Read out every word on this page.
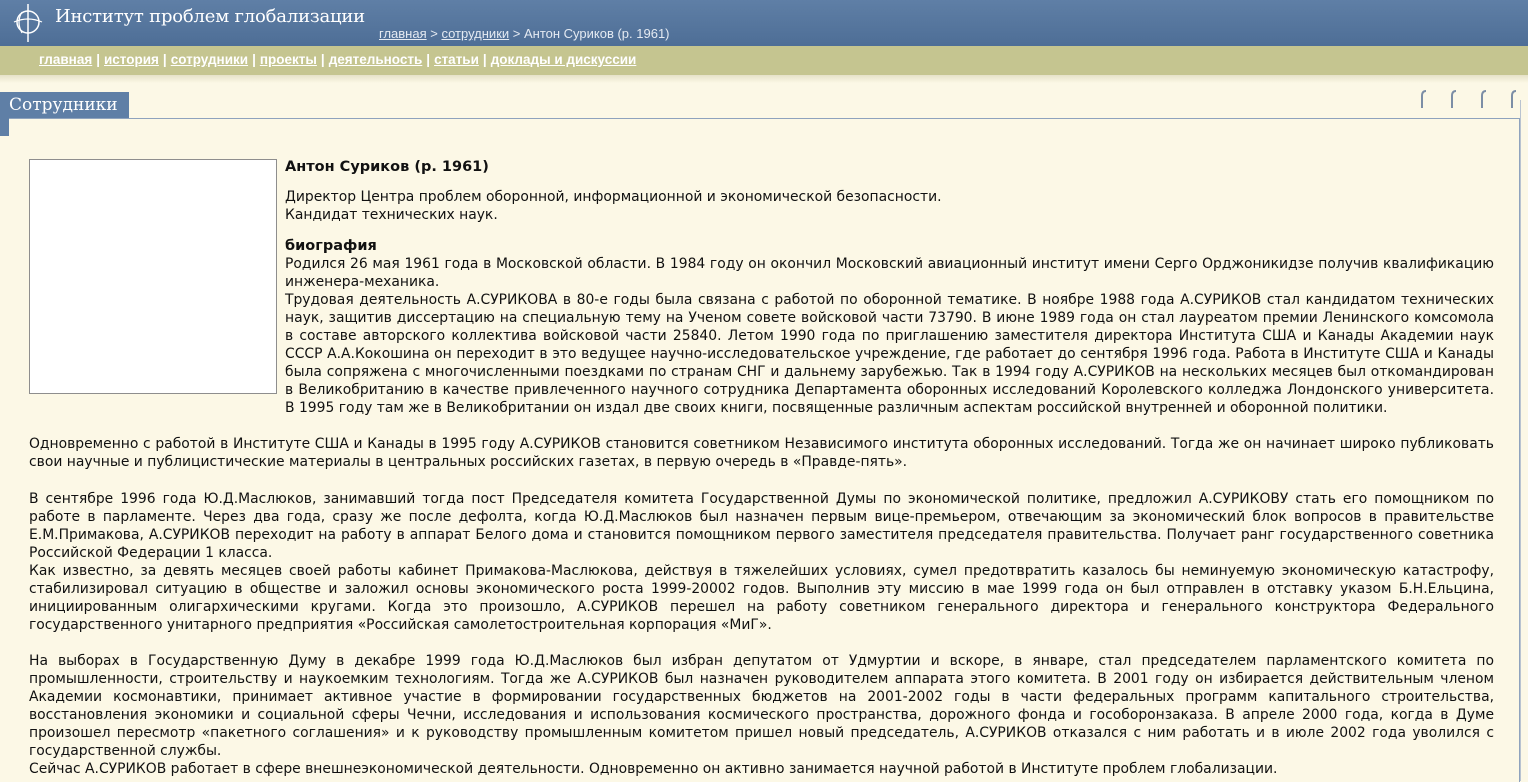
Институт проблем глобализации
главная > сотрудники > Антон Суриков (р. 1961)
главная | история | сотрудники | проекты | деятельность | статьи | доклады и дискуссии
Сотрудники
Антон Суриков (р. 1961)
Директор Центра проблем оборонной, информационной и экономической безопасности.
Кандидат технических наук.
биография

Родился 26 мая 1961 года в Московской области. В 1984 году он окончил Московский авиационный институт имени Серго Орджоникидзе получив квалификацию инженера-механика.

Трудовая деятельность А.СУРИКОВА в 80-е годы была связана с работой по оборонной тематике. В ноябре 1988 года А.СУРИКОВ стал кандидатом технических наук, защитив диссертацию на специальную тему на Ученом совете войсковой части 73790. В июне 1989 года он стал лауреатом премии Ленинского комсомола в составе авторского коллектива войсковой части 25840. Летом 1990 года по приглашению заместителя директора Института США и Канады Академии наук СССР А.А.Кокошина он переходит в это ведущее научно-исследовательское учреждение, где работает до сентября 1996 года. Работа в Институте США и Канады была сопряжена с многочисленными поездками по странам СНГ и дальнему зарубежью. Так в 1994 году А.СУРИКОВ на нескольких месяцев был откомандирован в Великобританию в качестве привлеченного научного сотрудника Департамента оборонных исследований Королевского колледжа Лондонского университета. В 1995 году там же в Великобритании он издал две своих книги, посвященные различным аспектам российской внутренней и оборонной политики.

Одновременно с работой в Институте США и Канады в 1995 году А.СУРИКОВ становится советником Независимого института оборонных исследований. Тогда же он начинает широко публиковать свои научные и публицистические материалы в центральных российских газетах, в первую очередь в «Правде-пять».

В сентябре 1996 года Ю.Д.Маслюков, занимавший тогда пост Председателя комитета Государственной Думы по экономической политике, предложил А.СУРИКОВУ стать его помощником по работе в парламенте. Через два года, сразу же после дефолта, когда Ю.Д.Маслюков был назначен первым вице-премьером, отвечающим за экономический блок вопросов в правительстве Е.М.Примакова, А.СУРИКОВ переходит на работу в аппарат Белого дома и становится помощником первого заместителя председателя правительства. Получает ранг государственного советника Российской Федерации 1 класса.

Как известно, за девять месяцев своей работы кабинет Примакова-Маслюкова, действуя в тяжелейших условиях, сумел предотвратить казалось бы неминуемую экономическую катастрофу, стабилизировал ситуацию в обществе и заложил основы экономического роста 1999-20002 годов. Выполнив эту миссию в мае 1999 года он был отправлен в отставку указом Б.Н.Ельцина, инициированным олигархическими кругами. Когда это произошло, А.СУРИКОВ перешел на работу советником генерального директора и генерального конструктора Федерального государственного унитарного предприятия «Российская самолетостроительная корпорация «МиГ».

На выборах в Государственную Думу в декабре 1999 года Ю.Д.Маслюков был избран депутатом от Удмуртии и вскоре, в январе, стал председателем парламентского комитета по промышленности, строительству и наукоемким технологиям. Тогда же А.СУРИКОВ был назначен руководителем аппарата этого комитета. В 2001 году он избирается действительным членом Академии космонавтики, принимает активное участие в формировании государственных бюджетов на 2001-2002 годы в части федеральных программ капитального строительства, восстановления экономики и социальной сферы Чечни, исследования и использования космического пространства, дорожного фонда и гособоронзаказа. В апреле 2000 года, когда в Думе произошел пересмотр «пакетного соглашения» и к руководству промышленным комитетом пришел новый председатель, А.СУРИКОВ отказался с ним работать и в июле 2002 года уволился с государственной службы.

Сейчас А.СУРИКОВ работает в сфере внешнеэкономической деятельности. Одновременно он активно занимается научной работой в Институте проблем глобализации.
